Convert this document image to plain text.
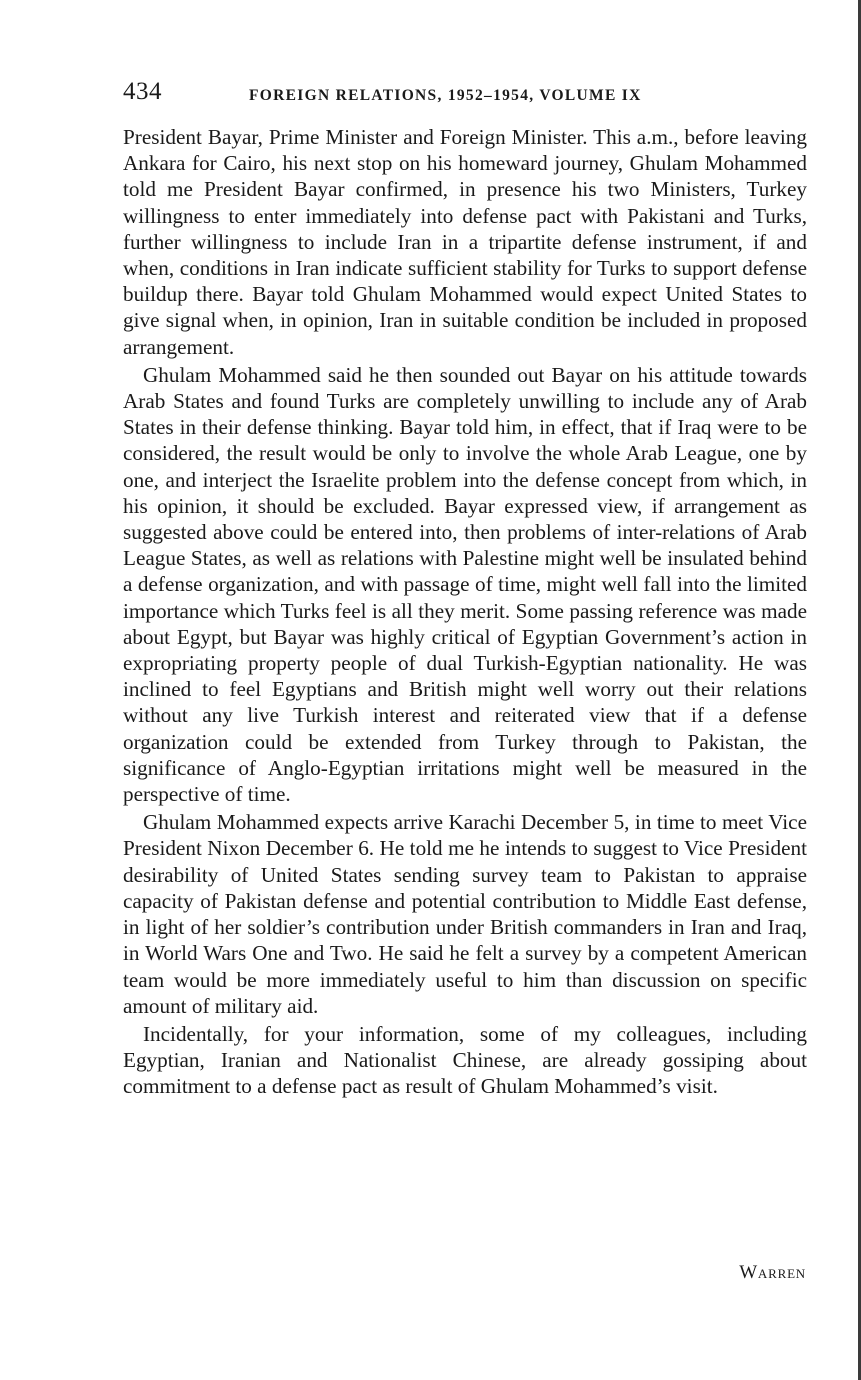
434	FOREIGN RELATIONS, 1952–1954, VOLUME IX

President Bayar, Prime Minister and Foreign Minister. This a.m., before leaving Ankara for Cairo, his next stop on his homeward journey, Ghulam Mohammed told me President Bayar confirmed, in presence his two Ministers, Turkey willingness to enter immediately into defense pact with Pakistani and Turks, further willingness to include Iran in a tripartite defense instrument, if and when, conditions in Iran indicate sufficient stability for Turks to support defense buildup there. Bayar told Ghulam Mohammed would expect United States to give signal when, in opinion, Iran in suitable condition be included in proposed arrangement.

Ghulam Mohammed said he then sounded out Bayar on his attitude towards Arab States and found Turks are completely unwilling to include any of Arab States in their defense thinking. Bayar told him, in effect, that if Iraq were to be considered, the result would be only to involve the whole Arab League, one by one, and interject the Israelite problem into the defense concept from which, in his opinion, it should be excluded. Bayar expressed view, if arrangement as suggested above could be entered into, then problems of inter-relations of Arab League States, as well as relations with Palestine might well be insulated behind a defense organization, and with passage of time, might well fall into the limited importance which Turks feel is all they merit. Some passing reference was made about Egypt, but Bayar was highly critical of Egyptian Government’s action in expropriating property people of dual Turkish-Egyptian nationality. He was inclined to feel Egyptians and British might well worry out their relations without any live Turkish interest and reiterated view that if a defense organization could be extended from Turkey through to Pakistan, the significance of Anglo-Egyptian irritations might well be measured in the perspective of time.

Ghulam Mohammed expects arrive Karachi December 5, in time to meet Vice President Nixon December 6. He told me he intends to suggest to Vice President desirability of United States sending survey team to Pakistan to appraise capacity of Pakistan defense and potential contribution to Middle East defense, in light of her soldier’s contribution under British commanders in Iran and Iraq, in World Wars One and Two. He said he felt a survey by a competent American team would be more immediately useful to him than discussion on specific amount of military aid.

Incidentally, for your information, some of my colleagues, including Egyptian, Iranian and Nationalist Chinese, are already gossiping about commitment to a defense pact as result of Ghulam Mohammed’s visit.

Warren
